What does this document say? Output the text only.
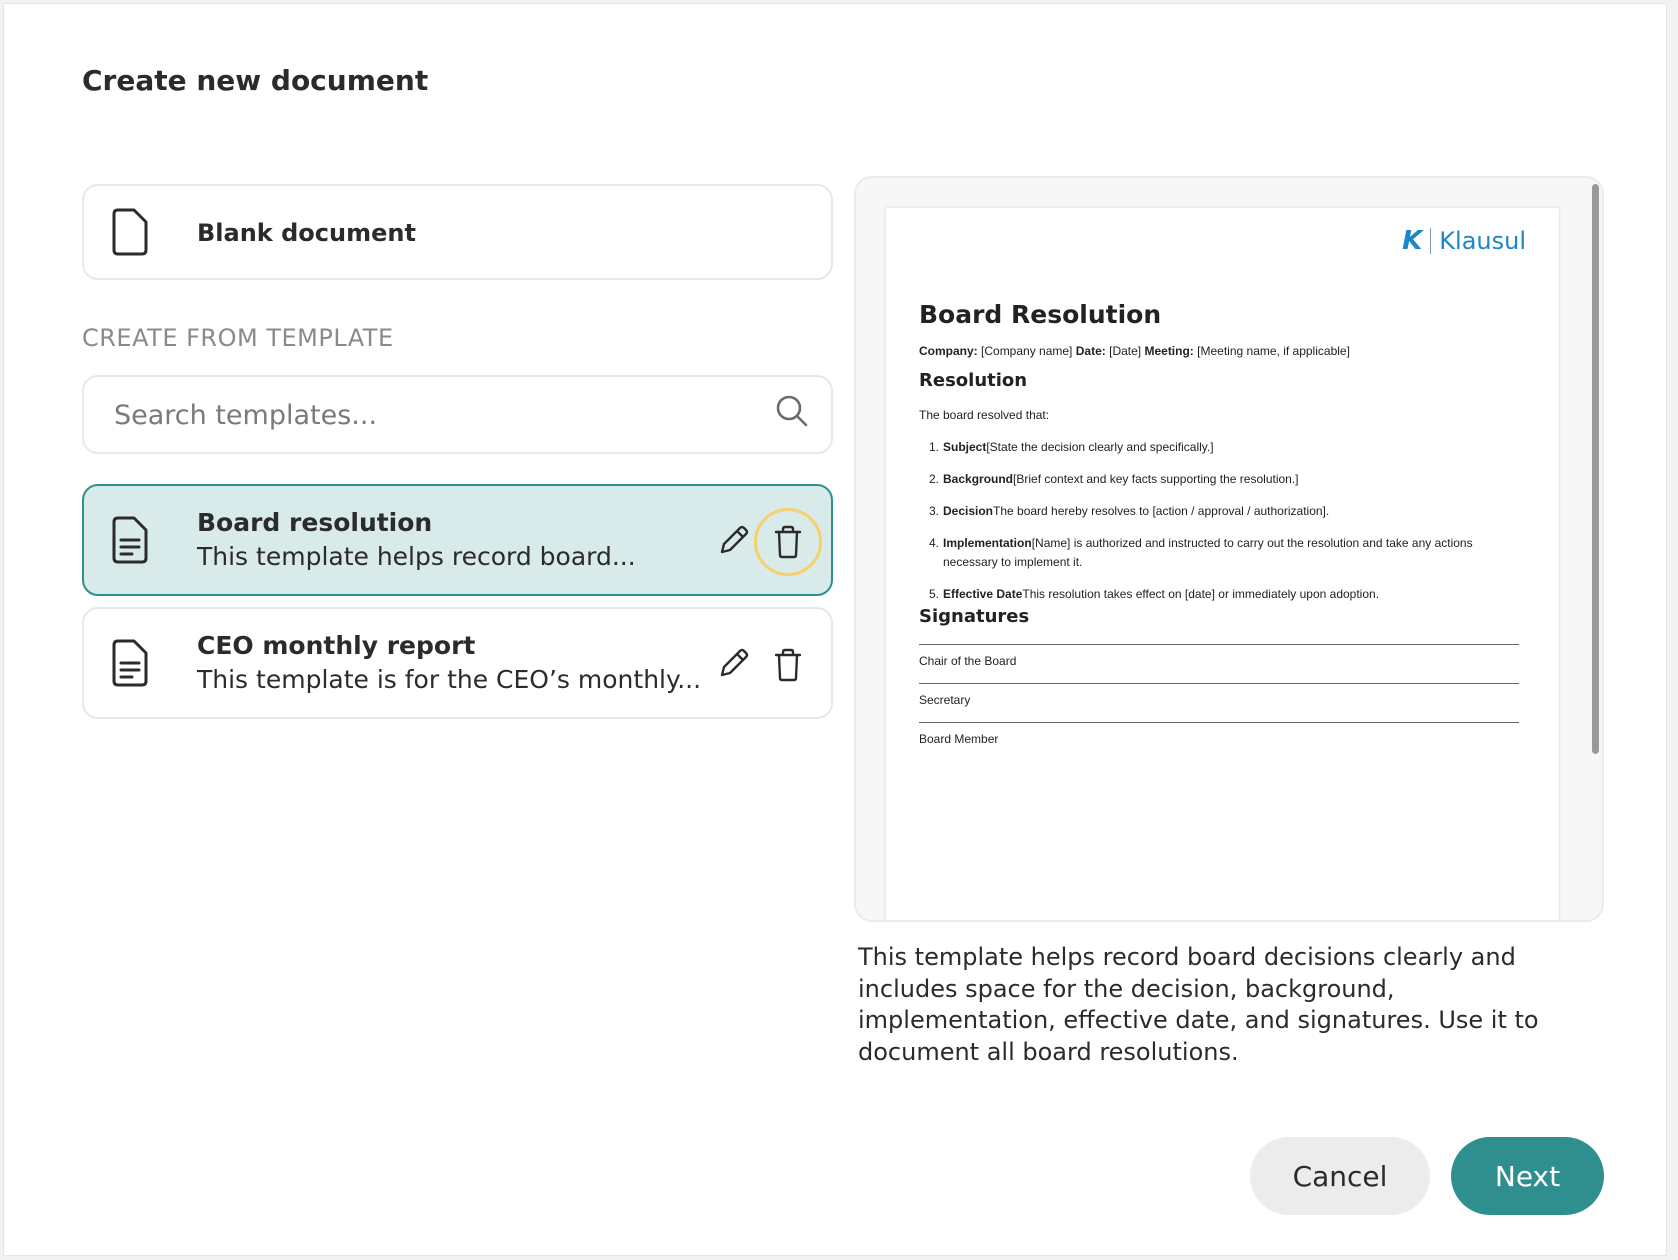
Create new document
Blank document
CREATE FROM TEMPLATE
Search templates...
Board resolution
This template helps record board...
CEO monthly report
This template is for the CEO’s monthly...
K Klausul
Board Resolution
Company: [Company name] Date: [Date] Meeting: [Meeting name, if applicable]
Resolution
The board resolved that:
1. Subject[State the decision clearly and specifically.]
2. Background[Brief context and key facts supporting the resolution.]
3. DecisionThe board hereby resolves to [action / approval / authorization].
4. Implementation[Name] is authorized and instructed to carry out the resolution and take any actions necessary to implement it.
5. Effective DateThis resolution takes effect on [date] or immediately upon adoption.
Signatures
Chair of the Board
Secretary
Board Member
This template helps record board decisions clearly and includes space for the decision, background, implementation, effective date, and signatures. Use it to document all board resolutions.
Cancel	Next
